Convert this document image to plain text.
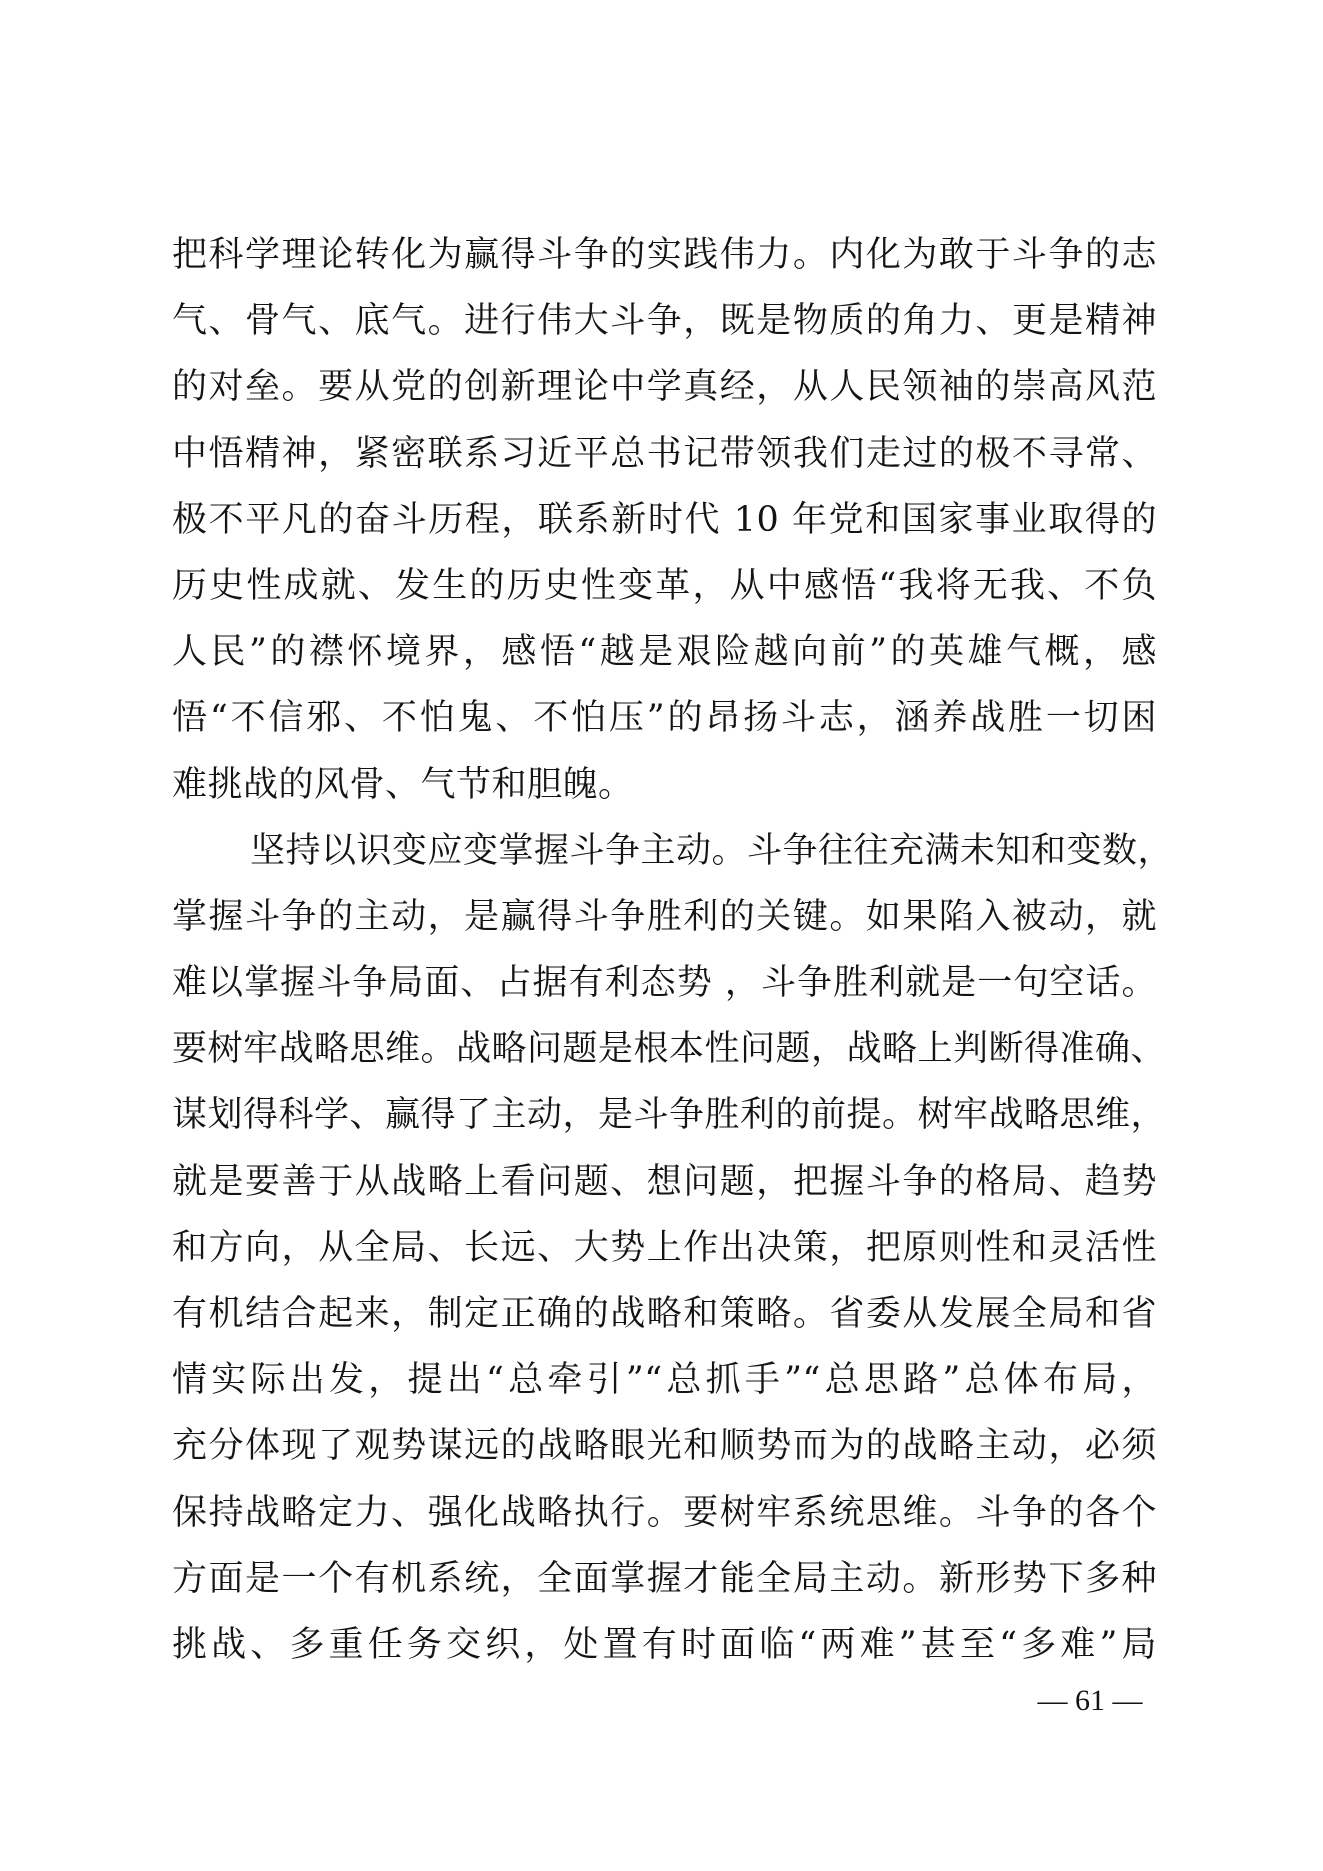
把科学理论转化为赢得斗争的实践伟力。内化为敢于斗争的志
气、骨气、底气。进行伟大斗争，既是物质的角力、更是精神
的对垒。要从党的创新理论中学真经，从人民领袖的崇高风范
中悟精神，紧密联系习近平总书记带领我们走过的极不寻常、
极不平凡的奋斗历程，联系新时代 10 年党和国家事业取得的
历史性成就、发生的历史性变革，从中感悟“我将无我、不负
人民”的襟怀境界，感悟“越是艰险越向前”的英雄气概，感
悟“不信邪、不怕鬼、不怕压”的昂扬斗志，涵养战胜一切困
难挑战的风骨、气节和胆魄。
坚持以识变应变掌握斗争主动。斗争往往充满未知和变数，
掌握斗争的主动，是赢得斗争胜利的关键。如果陷入被动，就
难以掌握斗争局面、占据有利态势 ，斗争胜利就是一句空话。
要树牢战略思维。战略问题是根本性问题，战略上判断得准确、
谋划得科学、赢得了主动，是斗争胜利的前提。树牢战略思维，
就是要善于从战略上看问题、想问题，把握斗争的格局、趋势
和方向，从全局、长远、大势上作出决策，把原则性和灵活性
有机结合起来，制定正确的战略和策略。省委从发展全局和省
情实际出发，提出“总牵引”“总抓手”“总思路”总体布局，
充分体现了观势谋远的战略眼光和顺势而为的战略主动，必须
保持战略定力、强化战略执行。要树牢系统思维。斗争的各个
方面是一个有机系统，全面掌握才能全局主动。新形势下多种
挑战、多重任务交织，处置有时面临“两难”甚至“多难”局
— 61 —
